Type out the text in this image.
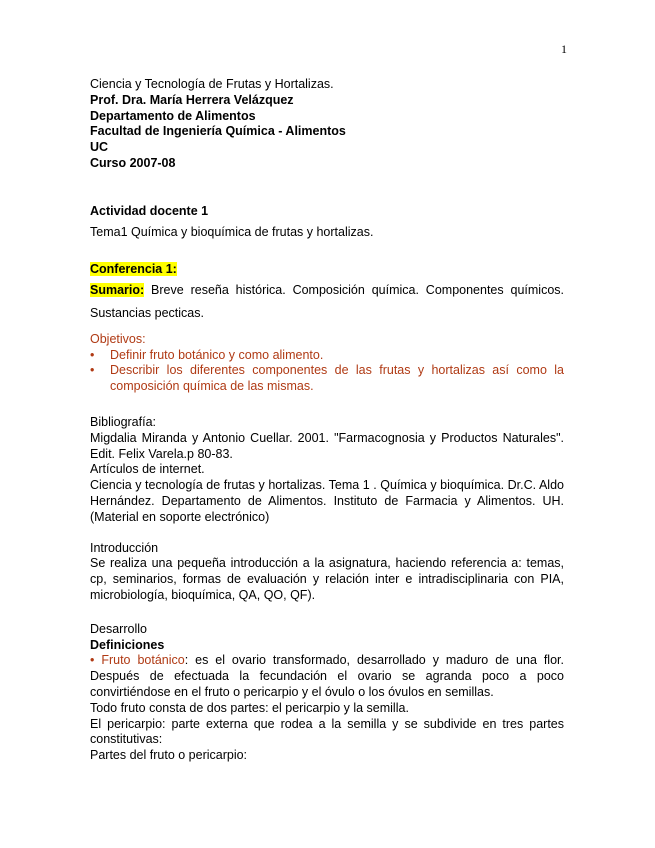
1
Ciencia y Tecnología de Frutas y Hortalizas.
Prof. Dra. María Herrera Velázquez
Departamento de Alimentos
Facultad de Ingeniería Química - Alimentos
UC
Curso 2007-08
Actividad docente 1
Tema1 Química y bioquímica de frutas y hortalizas.
Conferencia 1:
Sumario: Breve reseña histórica. Composición química. Componentes químicos.
Sustancias pecticas.
Objetivos:
• Definir fruto botánico y como alimento.
• Describir los diferentes componentes de las frutas y hortalizas así como la composición química de las mismas.
Bibliografía:
Migdalia Miranda y Antonio Cuellar. 2001. "Farmacognosia y Productos Naturales". Edit. Felix Varela.p 80-83.
Artículos de internet.
Ciencia y tecnología de frutas y hortalizas. Tema 1 . Química y bioquímica. Dr.C. Aldo Hernández. Departamento de Alimentos. Instituto de Farmacia y Alimentos. UH. (Material en soporte electrónico)
Introducción
Se realiza una pequeña introducción a la asignatura, haciendo referencia a: temas, cp, seminarios, formas de evaluación y relación inter e intradisciplinaria con PIA, microbiología, bioquímica, QA, QO, QF).
Desarrollo
Definiciones
• Fruto botánico: es el ovario transformado, desarrollado y maduro de una flor.
Después de efectuada la fecundación el ovario se agranda poco a poco convirtiéndose en el fruto o pericarpio y el óvulo o los óvulos en semillas.
Todo fruto consta de dos partes: el pericarpio y la semilla.
El pericarpio: parte externa que rodea a la semilla y se subdivide en tres partes constitutivas:
Partes del fruto o pericarpio:
